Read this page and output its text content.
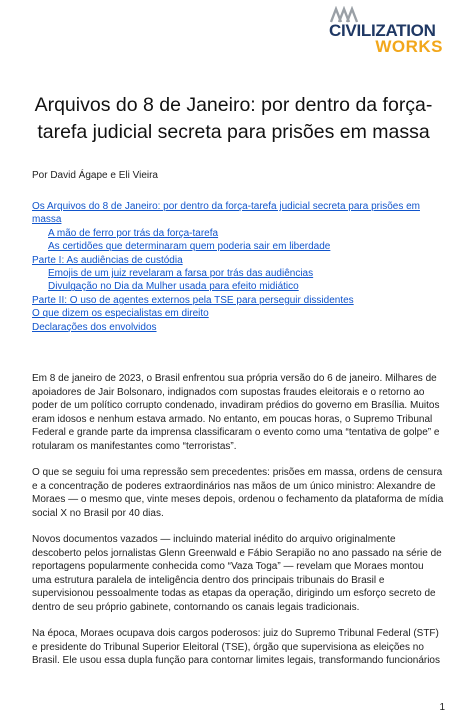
CIVILIZATION
WORKS
Arquivos do 8 de Janeiro: por dentro da força-tarefa judicial secreta para prisões em massa
Por David Ágape e Eli Vieira
Os Arquivos do 8 de Janeiro: por dentro da força-tarefa judicial secreta para prisões em massa
A mão de ferro por trás da força-tarefa
As certidões que determinaram quem poderia sair em liberdade
Parte I: As audiências de custódia
Emojis de um juiz revelaram a farsa por trás das audiências
Divulgação no Dia da Mulher usada para efeito midiático
Parte II: O uso de agentes externos pela TSE para perseguir dissidentes
O que dizem os especialistas em direito
Declarações dos envolvidos

Em 8 de janeiro de 2023, o Brasil enfrentou sua própria versão do 6 de janeiro. Milhares de apoiadores de Jair Bolsonaro, indignados com supostas fraudes eleitorais e o retorno ao poder de um político corrupto condenado, invadiram prédios do governo em Brasília. Muitos eram idosos e nenhum estava armado. No entanto, em poucas horas, o Supremo Tribunal Federal e grande parte da imprensa classificaram o evento como uma “tentativa de golpe” e rotularam os manifestantes como “terroristas”.

O que se seguiu foi uma repressão sem precedentes: prisões em massa, ordens de censura e a concentração de poderes extraordinários nas mãos de um único ministro: Alexandre de Moraes — o mesmo que, vinte meses depois, ordenou o fechamento da plataforma de mídia social X no Brasil por 40 dias.

Novos documentos vazados — incluindo material inédito do arquivo originalmente descoberto pelos jornalistas Glenn Greenwald e Fábio Serapião no ano passado na série de reportagens popularmente conhecida como “Vaza Toga” — revelam que Moraes montou uma estrutura paralela de inteligência dentro dos principais tribunais do Brasil e supervisionou pessoalmente todas as etapas da operação, dirigindo um esforço secreto de dentro de seu próprio gabinete, contornando os canais legais tradicionais.

Na época, Moraes ocupava dois cargos poderosos: juiz do Supremo Tribunal Federal (STF) e presidente do Tribunal Superior Eleitoral (TSE), órgão que supervisiona as eleições no Brasil. Ele usou essa dupla função para contornar limites legais, transformando funcionários

1
